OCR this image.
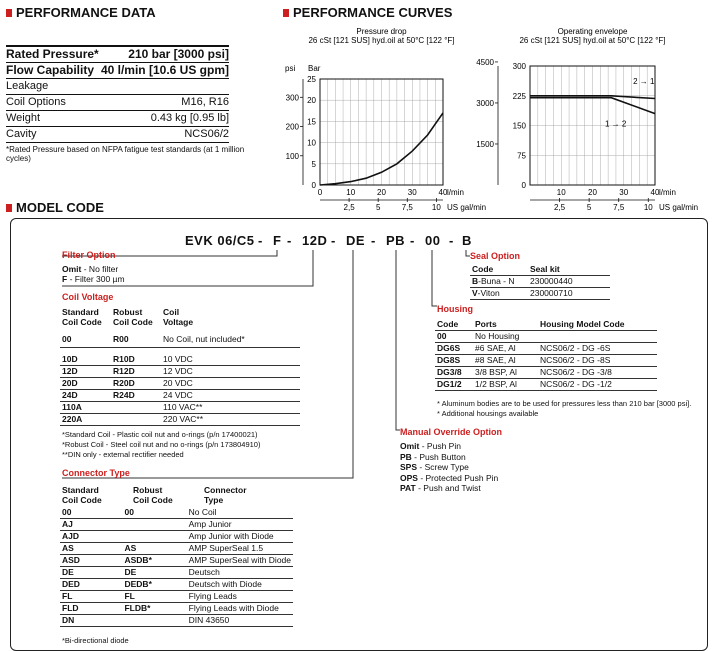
PERFORMANCE DATA
Rated Pressure* 210 bar [3000 psi]
Flow Capability 40 l/min [10.6 US gpm]
Leakage
Coil Options	M16, R16
Weight	0.43 kg [0.95 lb]
Cavity	NCS06/2
*Rated Pressure based on NFPA fatigue test standards (at 1 million cycles)
PERFORMANCE CURVES
Pressure drop
26 cSt [121 SUS] hyd.oil at 50°C [122 °F]
0	10	20	30	40 l/min
2,5	5	7,5 10 US gal/min
0
5
10
15
20
25
100
200
300
psi Bar
Operating envelope
26 cSt [121 SUS] hyd.oil at 50°C [122 °F]
10	20	30	40 l/min
2,5	5	7,5 10 US gal/min
0
75
150
225
300
1500
3000
4500
2 → 1
1 → 2
MODEL CODE
EVK 06/C5 - F - 12D - DE - PB - 00 - B
Filter Option
Omit - No filter
F - Filter 300 µm
Coil Voltage
Standard
Coil Code
Robust
Coil Code
Coil
Voltage
00	R00	No Coil, nut included*
10D	R10D	10 VDC
12D	R12D	12 VDC
20D	R20D	20 VDC
24D	R24D	24 VDC
110A		110 VAC**
220A		220 VAC**
*Standard Coil - Plastic coil nut and o-rings (p/n 17400021)
*Robust Coil - Steel coil nut and no o-rings (p/n 173804910)
**DIN only - external rectifier needed
Connector Type
Standard
Coil Code
Robust
Coil Code
Connector
Type
00	00	No Coil
AJ		Amp Junior
AJD		Amp Junior with Diode
AS	AS	AMP SuperSeal 1.5
ASD	ASDB*	AMP SuperSeal with Diode
DE	DE	Deutsch
DED	DEDB*	Deutsch with Diode
FL	FL	Flying Leads
FLD	FLDB*	Flying Leads with Diode
DN		DIN 43650
*Bi-directional diode
Seal Option
Code	Seal kit
B-Buna - N	230000440
V-Viton	230000710
Housing
Code	Ports	Housing Model Code
00	No Housing	
DG6S	#6 SAE, Al	NCS06/2 - DG -6S
DG8S	#8 SAE, Al	NCS06/2 - DG -8S
DG3/8	3/8 BSP, Al	NCS06/2 - DG -3/8
DG1/2	1/2 BSP, Al	NCS06/2 - DG -1/2
* Aluminum bodies are to be used for pressures less than 210 bar [3000 psi].
* Additional housings available
Manual Override Option
Omit - Push Pin
PB - Push Button
SPS - Screw Type
OPS - Protected Push Pin
PAT - Push and Twist
